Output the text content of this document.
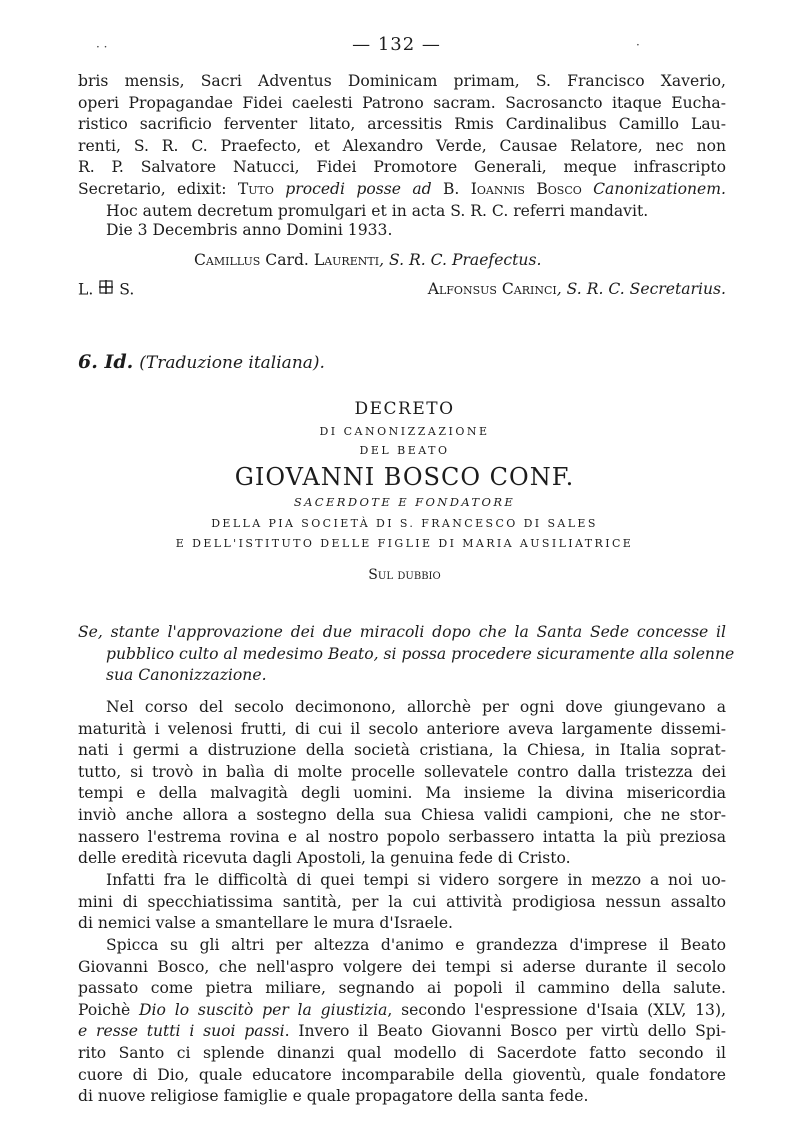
· ·	·
— 132 —
bris mensis, Sacri Adventus Dominicam primam, S. Francisco Xaverio,
operi Propagandae Fidei caelesti Patrono sacram. Sacrosancto itaque Eucha-
ristico sacrificio ferventer litato, arcessitis Rmis Cardinalibus Camillo Lau-
renti, S. R. C. Praefecto, et Alexandro Verde, Causae Relatore, nec non
R. P. Salvatore Natucci, Fidei Promotore Generali, meque infrascripto
Secretario, edixit: Tuto procedi posse ad B. Ioannis Bosco Canonizationem.
Hoc autem decretum promulgari et in acta S. R. C. referri mandavit.
Die 3 Decembris anno Domini 1933.
Camillus Card. Laurenti, S. R. C. Praefectus.
L. S.	Alfonsus Carinci, S. R. C. Secretarius.
6. Id. (Traduzione italiana).
DECRETO
DI CANONIZZAZIONE
DEL BEATO
GIOVANNI BOSCO CONF.
SACERDOTE E FONDATORE
DELLA PIA SOCIETÀ DI S. FRANCESCO DI SALES
E DELL'ISTITUTO DELLE FIGLIE DI MARIA AUSILIATRICE
Sul dubbio
Se, stante l'approvazione dei due miracoli dopo che la Santa Sede concesse il
pubblico culto al medesimo Beato, si possa procedere sicuramente alla solenne
sua Canonizzazione.
Nel corso del secolo decimonono, allorchè per ogni dove giungevano a
maturità i velenosi frutti, di cui il secolo anteriore aveva largamente dissemi-
nati i germi a distruzione della società cristiana, la Chiesa, in Italia soprat-
tutto, si trovò in balìa di molte procelle sollevatele contro dalla tristezza dei
tempi e della malvagità degli uomini. Ma insieme la divina misericordia
inviò anche allora a sostegno della sua Chiesa validi campioni, che ne stor-
nassero l'estrema rovina e al nostro popolo serbassero intatta la più preziosa
delle eredità ricevuta dagli Apostoli, la genuina fede di Cristo.
Infatti fra le difficoltà di quei tempi si videro sorgere in mezzo a noi uo-
mini di specchiatissima santità, per la cui attività prodigiosa nessun assalto
di nemici valse a smantellare le mura d'Israele.
Spicca su gli altri per altezza d'animo e grandezza d'imprese il Beato
Giovanni Bosco, che nell'aspro volgere dei tempi si aderse durante il secolo
passato come pietra miliare, segnando ai popoli il cammino della salute.
Poichè Dio lo suscitò per la giustizia, secondo l'espressione d'Isaia (XLV, 13),
e resse tutti i suoi passi. Invero il Beato Giovanni Bosco per virtù dello Spi-
rito Santo ci splende dinanzi qual modello di Sacerdote fatto secondo il
cuore di Dio, quale educatore incomparabile della gioventù, quale fondatore
di nuove religiose famiglie e quale propagatore della santa fede.
